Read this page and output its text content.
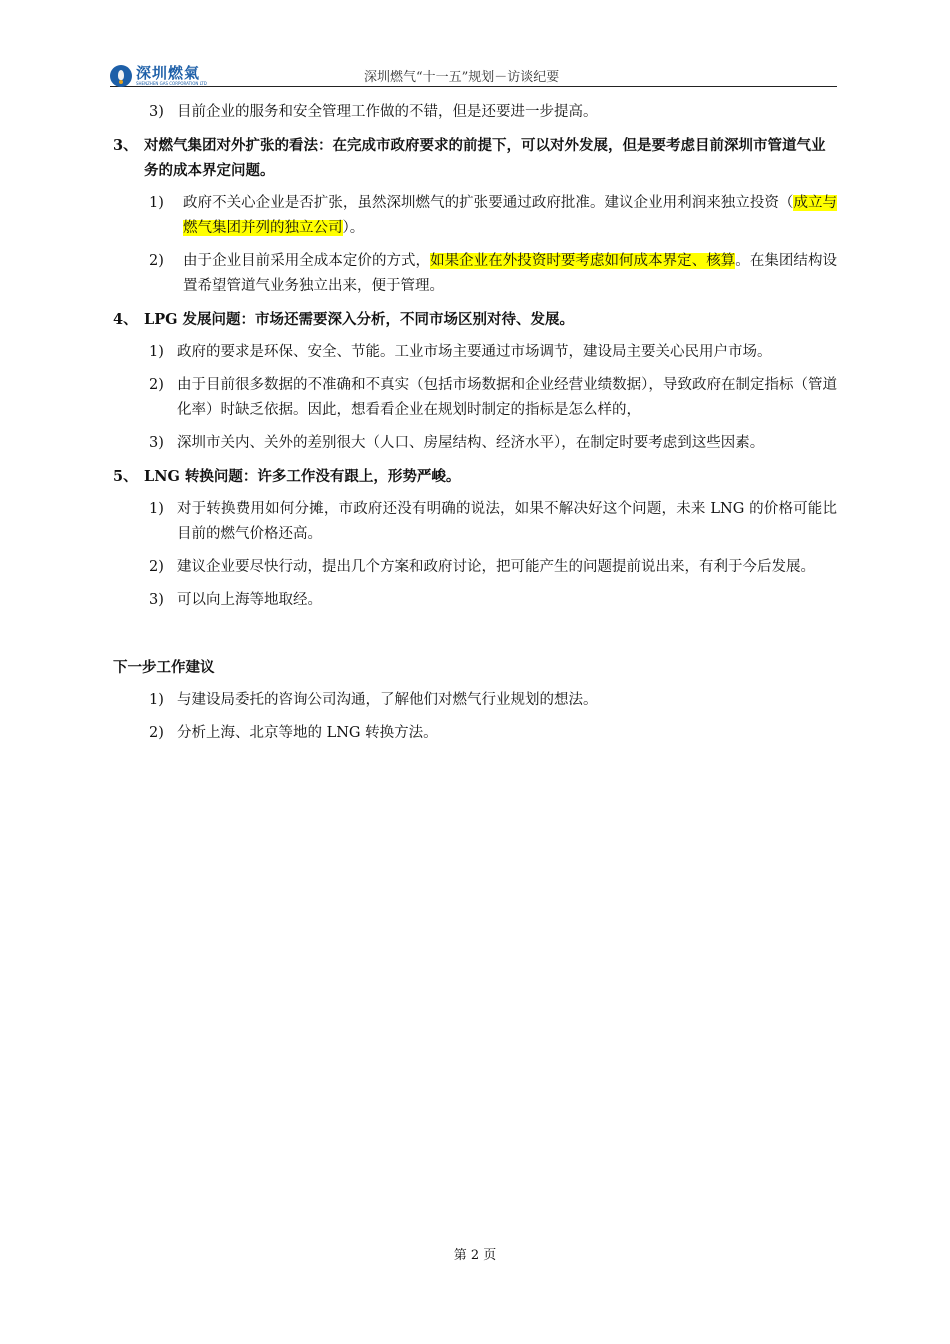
深圳燃氣
SHENZHEN GAS CORPORATION LTD	深圳燃气“十一五”规划－访谈纪要
3) 目前企业的服务和安全管理工作做的不错，但是还要进一步提高。
3、 对燃气集团对外扩张的看法：在完成市政府要求的前提下，可以对外发展，但是要考虑目前深圳市管道气业务的成本界定问题。
1) 政府不关心企业是否扩张，虽然深圳燃气的扩张要通过政府批准。建议企业用利润来独立投资（成立与燃气集团并列的独立公司）。
2) 由于企业目前采用全成本定价的方式，如果企业在外投资时要考虑如何成本界定、核算。在集团结构设置希望管道气业务独立出来，便于管理。
4、 LPG 发展问题：市场还需要深入分析，不同市场区别对待、发展。
1) 政府的要求是环保、安全、节能。工业市场主要通过市场调节，建设局主要关心民用户市场。
2) 由于目前很多数据的不准确和不真实（包括市场数据和企业经营业绩数据），导致政府在制定指标（管道化率）时缺乏依据。因此，想看看企业在规划时制定的指标是怎么样的，
3) 深圳市关内、关外的差别很大（人口、房屋结构、经济水平），在制定时要考虑到这些因素。
5、 LNG 转换问题：许多工作没有跟上，形势严峻。
1) 对于转换费用如何分摊，市政府还没有明确的说法，如果不解决好这个问题，未来 LNG 的价格可能比目前的燃气价格还高。
2) 建议企业要尽快行动，提出几个方案和政府讨论，把可能产生的问题提前说出来，有利于今后发展。
3) 可以向上海等地取经。
下一步工作建议
1) 与建设局委托的咨询公司沟通，了解他们对燃气行业规划的想法。
2) 分析上海、北京等地的 LNG 转换方法。
第 2 页
